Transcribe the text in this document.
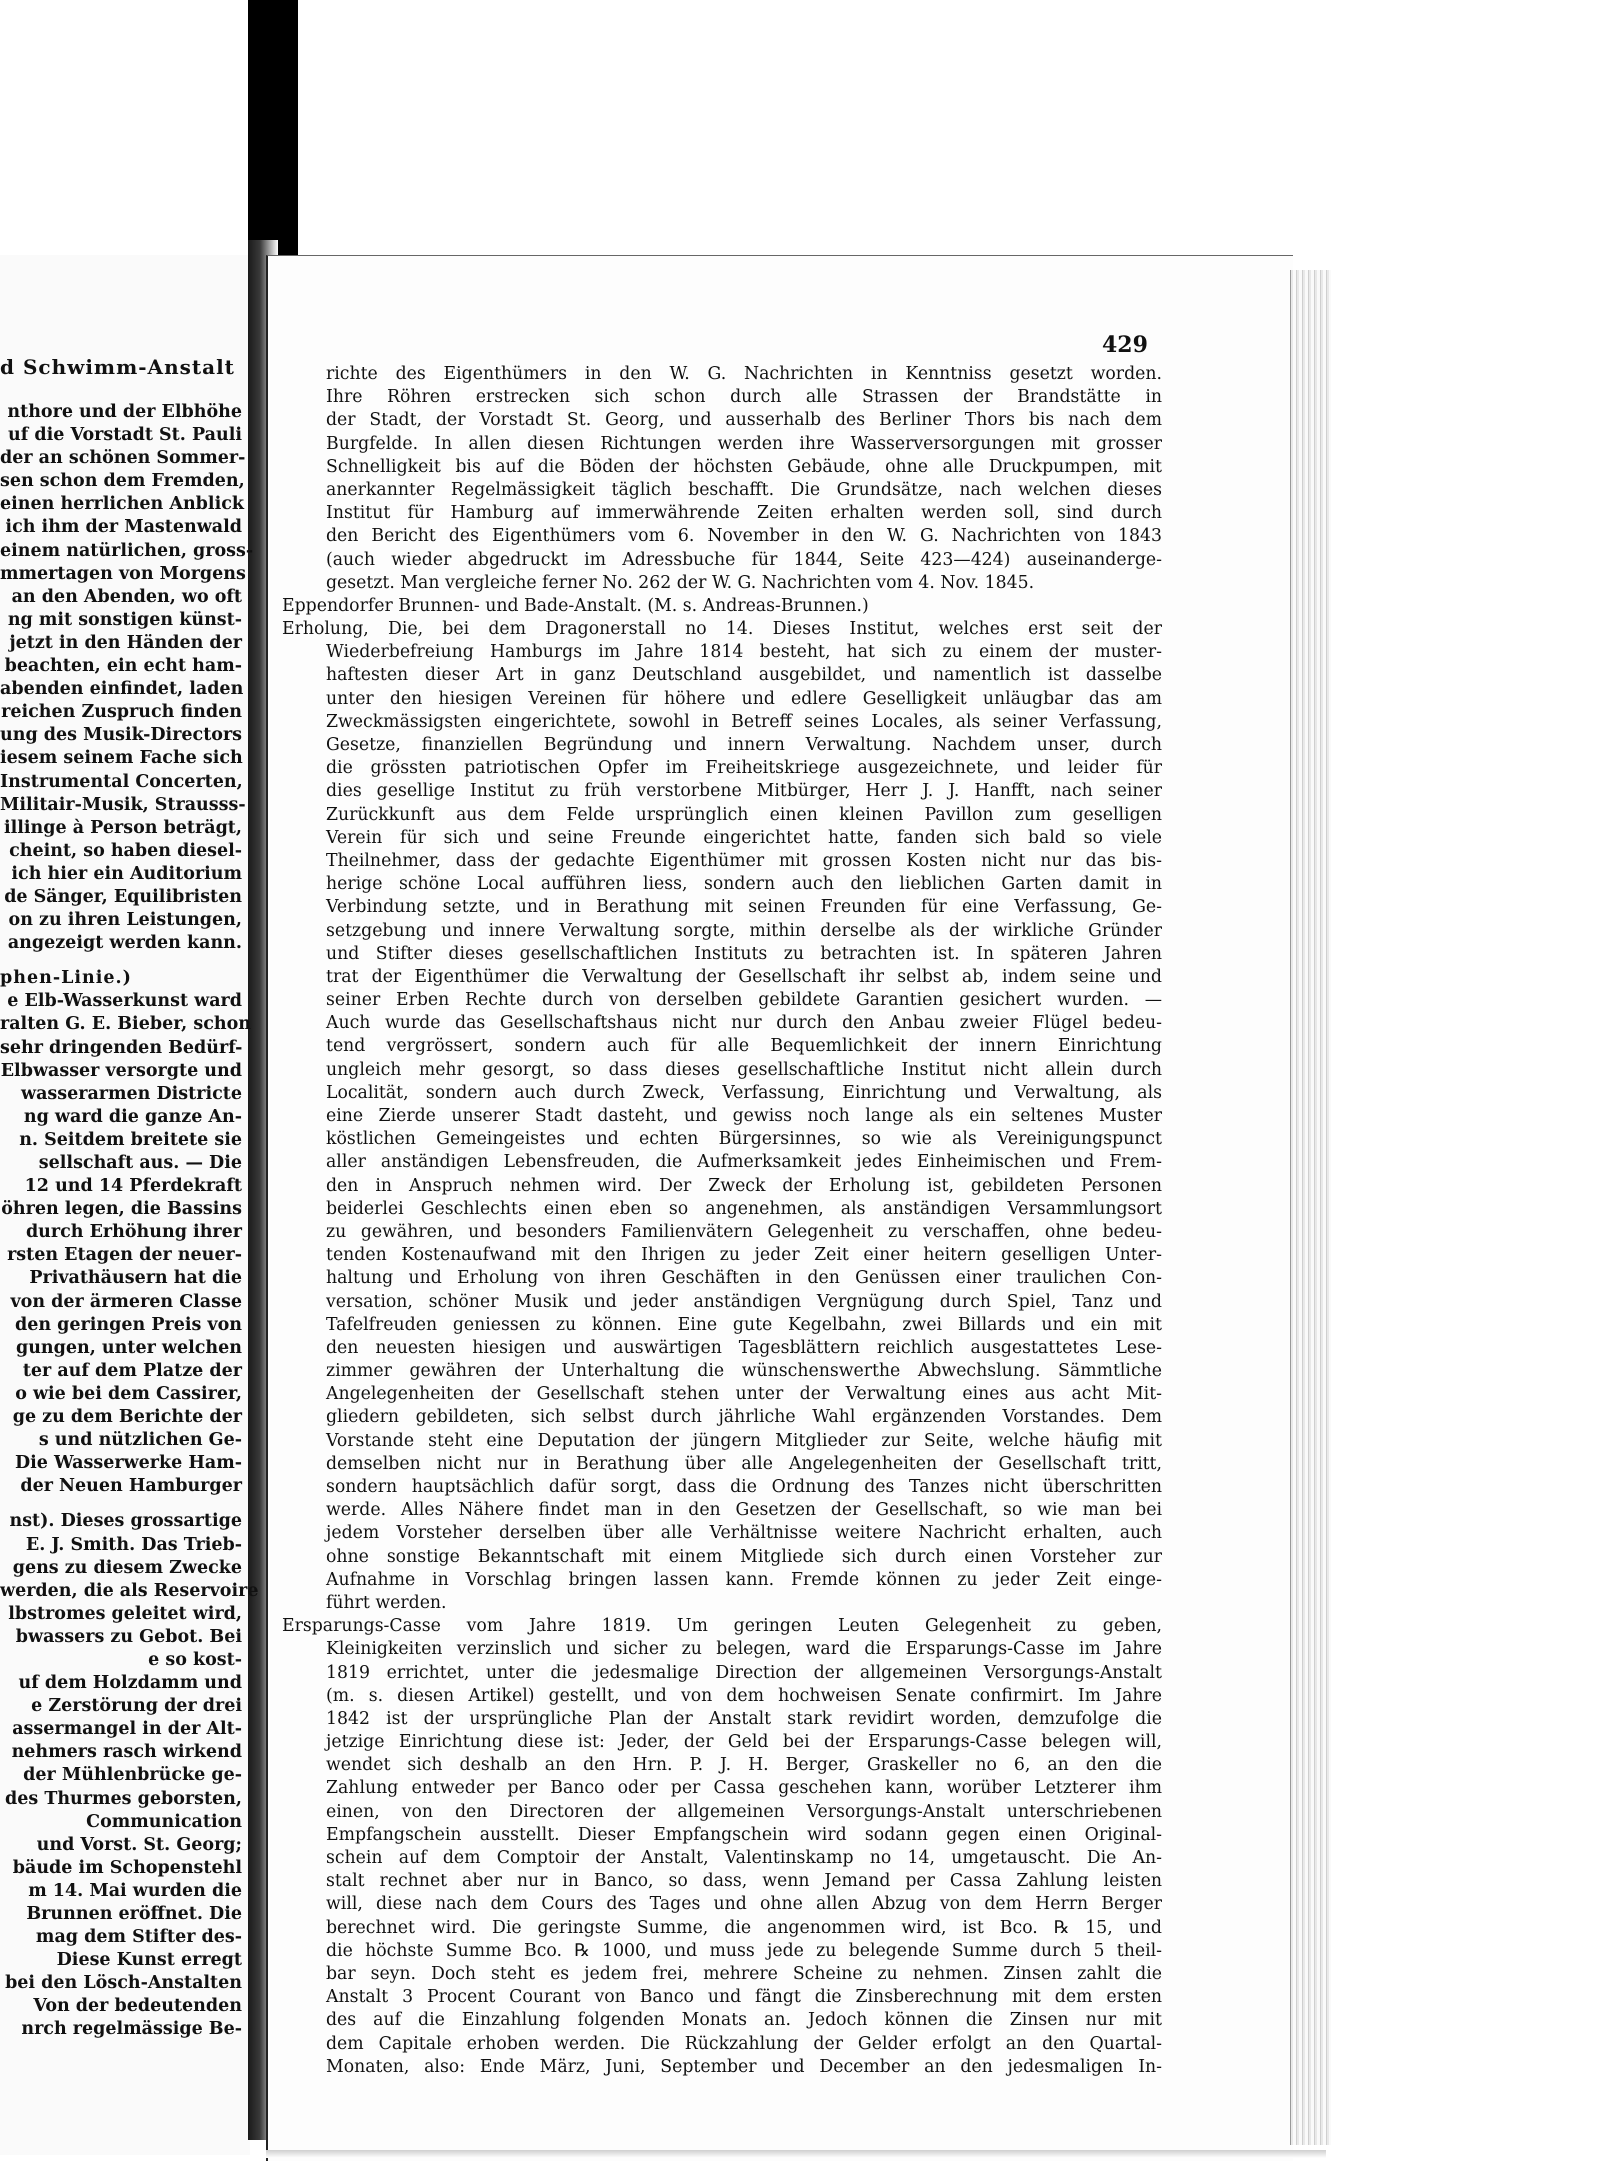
d Schwimm-Anstalt
nthore und der Elbhöhe
uf die Vorstadt St. Pauli
der an schönen Sommer-
sen schon dem Fremden,
einen herrlichen Anblick
ich ihm der Mastenwald
einem natürlichen, gross-
mmertagen von Morgens
an den Abenden, wo oft
ng mit sonstigen künst-
jetzt in den Händen der
beachten, ein echt ham-
abenden einfindet, laden
reichen Zuspruch finden
ung des Musik-Directors
iesem seinem Fache sich
Instrumental Concerten,
Militair-Musik, Strausss-
illinge à Person beträgt,
cheint, so haben diesel-
ich hier ein Auditorium
de Sänger, Equilibristen
on zu ihren Leistungen,
angezeigt werden kann.
phen-Linie.)
e Elb-Wasserkunst ward
ralten G. E. Bieber, schon
sehr dringenden Bedürf-
Elbwasser versorgte und
wasserarmen Districte
ng ward die ganze An-
n. Seitdem breitete sie
sellschaft aus. — Die
12 und 14 Pferdekraft
öhren legen, die Bassins
durch Erhöhung ihrer
rsten Etagen der neuer-
Privathäusern hat die
von der ärmeren Classe
den geringen Preis von
gungen, unter welchen
ter auf dem Platze der
o wie bei dem Cassirer,
ge zu dem Berichte der
s und nützlichen Ge-
Die Wasserwerke Ham-
der Neuen Hamburger
nst). Dieses grossartige
E. J. Smith. Das Trieb-
gens zu diesem Zwecke
werden, die als Reservoire
lbstromes geleitet wird,
bwassers zu Gebot. Bei
e so kost-
uf dem Holzdamm und
e Zerstörung der drei
assermangel in der Alt-
nehmers rasch wirkend
der Mühlenbrücke ge-
des Thurmes geborsten,
Communication
und Vorst. St. Georg;
bäude im Schopenstehl
m 14. Mai wurden die
Brunnen eröffnet. Die
mag dem Stifter des-
Diese Kunst erregt
bei den Lösch-Anstalten
Von der bedeutenden
nrch regelmässige Be-
429
richte des Eigenthümers in den W. G. Nachrichten in Kenntniss gesetzt worden.
Ihre Röhren erstrecken sich schon durch alle Strassen der Brandstätte in
der Stadt, der Vorstadt St. Georg, und ausserhalb des Berliner Thors bis nach dem
Burgfelde. In allen diesen Richtungen werden ihre Wasserversorgungen mit grosser
Schnelligkeit bis auf die Böden der höchsten Gebäude, ohne alle Druckpumpen, mit
anerkannter Regelmässigkeit täglich beschafft. Die Grundsätze, nach welchen dieses
Institut für Hamburg auf immerwährende Zeiten erhalten werden soll, sind durch
den Bericht des Eigenthümers vom 6. November in den W. G. Nachrichten von 1843
(auch wieder abgedruckt im Adressbuche für 1844, Seite 423—424) auseinanderge-
gesetzt. Man vergleiche ferner No. 262 der W. G. Nachrichten vom 4. Nov. 1845.
Eppendorfer Brunnen- und Bade-Anstalt. (M. s. Andreas-Brunnen.)
Erholung, Die, bei dem Dragonerstall no 14. Dieses Institut, welches erst seit der
Wiederbefreiung Hamburgs im Jahre 1814 besteht, hat sich zu einem der muster-
haftesten dieser Art in ganz Deutschland ausgebildet, und namentlich ist dasselbe
unter den hiesigen Vereinen für höhere und edlere Geselligkeit unläugbar das am
Zweckmässigsten eingerichtete, sowohl in Betreff seines Locales, als seiner Verfassung,
Gesetze, finanziellen Begründung und innern Verwaltung. Nachdem unser, durch
die grössten patriotischen Opfer im Freiheitskriege ausgezeichnete, und leider für
dies gesellige Institut zu früh verstorbene Mitbürger, Herr J. J. Hanfft, nach seiner
Zurückkunft aus dem Felde ursprünglich einen kleinen Pavillon zum geselligen
Verein für sich und seine Freunde eingerichtet hatte, fanden sich bald so viele
Theilnehmer, dass der gedachte Eigenthümer mit grossen Kosten nicht nur das bis-
herige schöne Local aufführen liess, sondern auch den lieblichen Garten damit in
Verbindung setzte, und in Berathung mit seinen Freunden für eine Verfassung, Ge-
setzgebung und innere Verwaltung sorgte, mithin derselbe als der wirkliche Gründer
und Stifter dieses gesellschaftlichen Instituts zu betrachten ist. In späteren Jahren
trat der Eigenthümer die Verwaltung der Gesellschaft ihr selbst ab, indem seine und
seiner Erben Rechte durch von derselben gebildete Garantien gesichert wurden. —
Auch wurde das Gesellschaftshaus nicht nur durch den Anbau zweier Flügel bedeu-
tend vergrössert, sondern auch für alle Bequemlichkeit der innern Einrichtung
ungleich mehr gesorgt, so dass dieses gesellschaftliche Institut nicht allein durch
Localität, sondern auch durch Zweck, Verfassung, Einrichtung und Verwaltung, als
eine Zierde unserer Stadt dasteht, und gewiss noch lange als ein seltenes Muster
köstlichen Gemeingeistes und echten Bürgersinnes, so wie als Vereinigungspunct
aller anständigen Lebensfreuden, die Aufmerksamkeit jedes Einheimischen und Frem-
den in Anspruch nehmen wird. Der Zweck der Erholung ist, gebildeten Personen
beiderlei Geschlechts einen eben so angenehmen, als anständigen Versammlungsort
zu gewähren, und besonders Familienvätern Gelegenheit zu verschaffen, ohne bedeu-
tenden Kostenaufwand mit den Ihrigen zu jeder Zeit einer heitern geselligen Unter-
haltung und Erholung von ihren Geschäften in den Genüssen einer traulichen Con-
versation, schöner Musik und jeder anständigen Vergnügung durch Spiel, Tanz und
Tafelfreuden geniessen zu können. Eine gute Kegelbahn, zwei Billards und ein mit
den neuesten hiesigen und auswärtigen Tagesblättern reichlich ausgestattetes Lese-
zimmer gewähren der Unterhaltung die wünschenswerthe Abwechslung. Sämmtliche
Angelegenheiten der Gesellschaft stehen unter der Verwaltung eines aus acht Mit-
gliedern gebildeten, sich selbst durch jährliche Wahl ergänzenden Vorstandes. Dem
Vorstande steht eine Deputation der jüngern Mitglieder zur Seite, welche häufig mit
demselben nicht nur in Berathung über alle Angelegenheiten der Gesellschaft tritt,
sondern hauptsächlich dafür sorgt, dass die Ordnung des Tanzes nicht überschritten
werde. Alles Nähere findet man in den Gesetzen der Gesellschaft, so wie man bei
jedem Vorsteher derselben über alle Verhältnisse weitere Nachricht erhalten, auch
ohne sonstige Bekanntschaft mit einem Mitgliede sich durch einen Vorsteher zur
Aufnahme in Vorschlag bringen lassen kann. Fremde können zu jeder Zeit einge-
führt werden.
Ersparungs-Casse vom Jahre 1819. Um geringen Leuten Gelegenheit zu geben,
Kleinigkeiten verzinslich und sicher zu belegen, ward die Ersparungs-Casse im Jahre
1819 errichtet, unter die jedesmalige Direction der allgemeinen Versorgungs-Anstalt
(m. s. diesen Artikel) gestellt, und von dem hochweisen Senate confirmirt. Im Jahre
1842 ist der ursprüngliche Plan der Anstalt stark revidirt worden, demzufolge die
jetzige Einrichtung diese ist: Jeder, der Geld bei der Ersparungs-Casse belegen will,
wendet sich deshalb an den Hrn. P. J. H. Berger, Graskeller no 6, an den die
Zahlung entweder per Banco oder per Cassa geschehen kann, worüber Letzterer ihm
einen, von den Directoren der allgemeinen Versorgungs-Anstalt unterschriebenen
Empfangschein ausstellt. Dieser Empfangschein wird sodann gegen einen Original-
schein auf dem Comptoir der Anstalt, Valentinskamp no 14, umgetauscht. Die An-
stalt rechnet aber nur in Banco, so dass, wenn Jemand per Cassa Zahlung leisten
will, diese nach dem Cours des Tages und ohne allen Abzug von dem Herrn Berger
berechnet wird. Die geringste Summe, die angenommen wird, ist Bco. ℞ 15, und
die höchste Summe Bco. ℞ 1000, und muss jede zu belegende Summe durch 5 theil-
bar seyn. Doch steht es jedem frei, mehrere Scheine zu nehmen. Zinsen zahlt die
Anstalt 3 Procent Courant von Banco und fängt die Zinsberechnung mit dem ersten
des auf die Einzahlung folgenden Monats an. Jedoch können die Zinsen nur mit
dem Capitale erhoben werden. Die Rückzahlung der Gelder erfolgt an den Quartal-
Monaten, also: Ende März, Juni, September und December an den jedesmaligen In-
